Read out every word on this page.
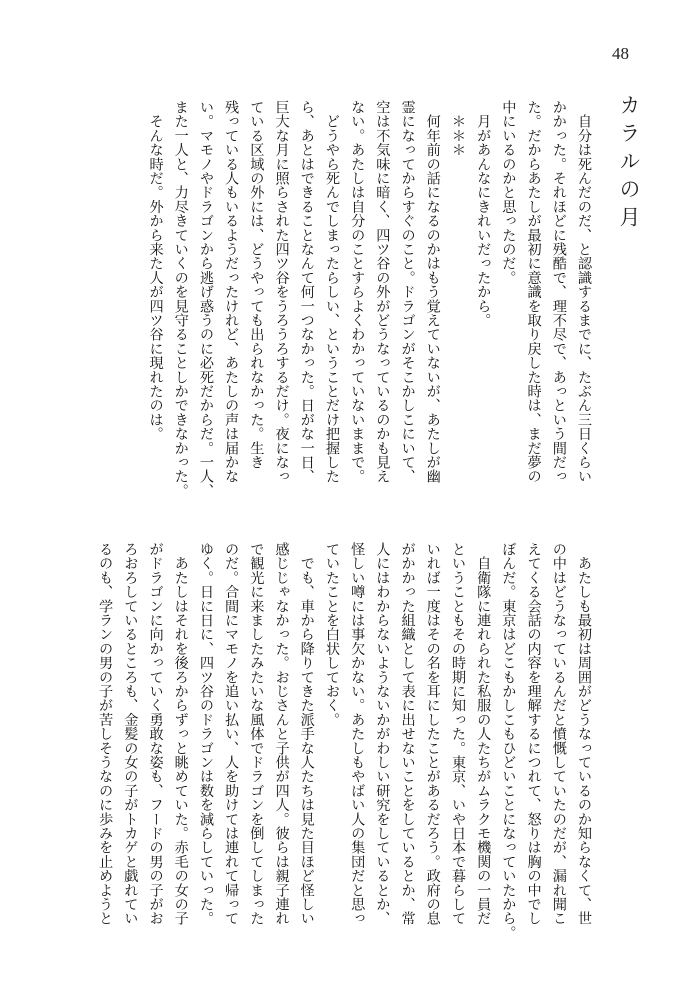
48
カラルの月
　自分は死んだのだ、と認識するまでに、たぶん三日くらい
かかった。それほどに残酷で、理不尽で、あっという間だっ
た。だからあたしが最初に意識を取り戻した時は、まだ夢の
中にいるのかと思ったのだ。
　月があんなにきれいだったから。
　＊＊＊
　何年前の話になるのかはもう覚えていないが、あたしが幽
霊になってからすぐのこと。ドラゴンがそこかしこにいて、
空は不気味に暗く、四ツ谷の外がどうなっているのかも見え
ない。あたしは自分のことすらよくわかっていないままで。
　どうやら死んでしまったらしい、ということだけ把握した
ら、あとはできることなんて何一つなかった。日がな一日、
巨大な月に照らされた四ツ谷をうろうろするだけ。夜になっ
ている区域の外には、どうやっても出られなかった。生き
残っている人もいるようだったけれど、あたしの声は届かな
い。マモノやドラゴンから逃げ惑うのに必死だからだ。一人、
また一人と、力尽きていくのを見守ることしかできなかった。
　そんな時だ。外から来た人が四ツ谷に現れたのは。
　あたしも最初は周囲がどうなっているのか知らなくて、世
の中はどうなっているんだと憤慨していたのだが、漏れ聞こ
えてくる会話の内容を理解するにつれて、怒りは胸の中でし
ぼんだ。東京はどこもかしこもひどいことになっていたから。
　自衛隊に連れられた私服の人たちがムラクモ機関の一員だ
ということもその時期に知った。東京、いや日本で暮らして
いれば一度はその名を耳にしたことがあるだろう。政府の息
がかかった組織として表に出せないことをしているとか、常
人にはわからないようないかがわしい研究をしているとか、
怪しい噂には事欠かない。あたしもやばい人の集団だと思っ
ていたことを白状しておく。
　でも、車から降りてきた派手な人たちは見た目ほど怪しい
感じじゃなかった。おじさんと子供が四人。彼らは親子連れ
で観光に来ましたみたいな風体でドラゴンを倒してしまった
のだ。合間にマモノを追い払い、人を助けては連れて帰って
ゆく。日に日に、四ツ谷のドラゴンは数を減らしていった。
　あたしはそれを後ろからずっと眺めていた。赤毛の女の子
がドラゴンに向かっていく勇敢な姿も、フードの男の子がお
ろおろしているところも、金髪の女の子がトカゲと戯れてい
るのも、学ランの男の子が苦しそうなのに歩みを止めようと
